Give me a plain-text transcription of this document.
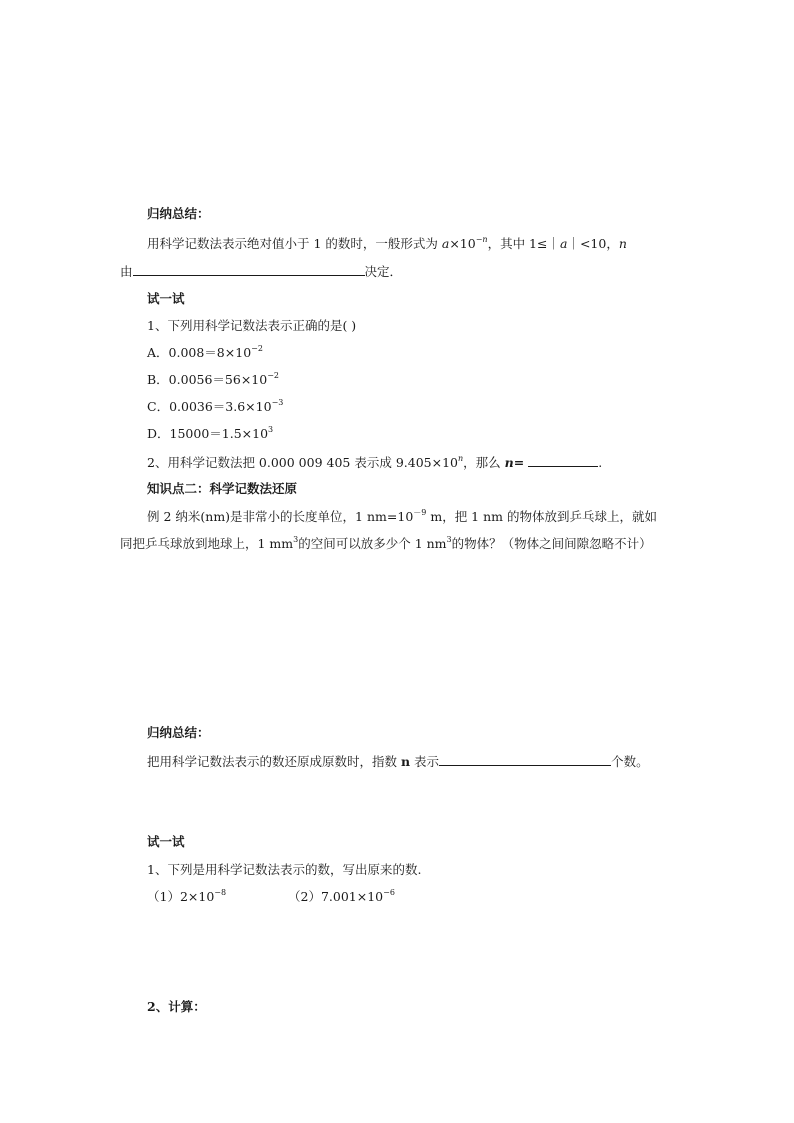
归纳总结：
用科学记数法表示绝对值小于 1 的数时，一般形式为 $a\times 10^{-n}$，其中 1≤｜a｜<10，n
由	决定．
试一试
1、下列用科学记数法表示正确的是( )
A．$0.008=8\times 10^{-2}$
B．$0.0056=56\times 10^{-2}$
C．$0.0036=3.6\times 10^{-3}$
D．$15000=1.5\times 10^3$
2、用科学记数法把 0.000 009 405 表示成 $9.405\times 10^n$，那么 n=	.
知识点二：科学记数法还原
例 2 纳米(nm)是非常小的长度单位，1 $nm=10^{-9}$ m，把 1 nm 的物体放到乒乓球上，就如
同把乒乓球放到地球上，1 $mm^3$的空间可以放多少个 1 $nm^3$的物体？（物体之间间隙忽略不计）
归纳总结：
把用科学记数法表示的数还原成原数时，指数 n 表示	个数。
试一试
1、下列是用科学记数法表示的数，写出原来的数.
$(1)2\times 10^{-8}$	$(2)7.001\times 10^{-6}$
2、计算：
